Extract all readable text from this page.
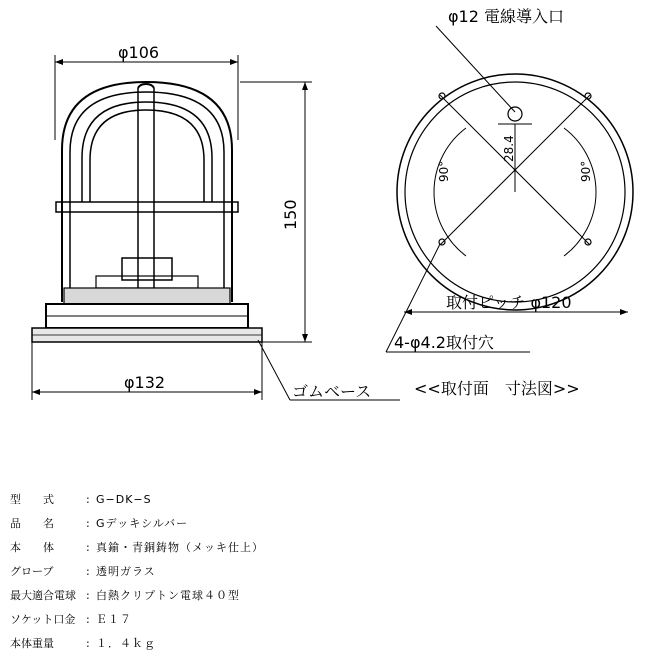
φ106
150
φ132	ゴムベース
φ12 電線導入口
28.4
90°	90°
取付ピッチ φ120
4-φ4.2取付穴
<<取付面　寸法図>>
型　　式	: G−DK−S
品　　名	: Gデッキシルバー
本　　体	: 真鍮・青銅鋳物（メッキ仕上）
グローブ	: 透明ガラス
最大適合電球 : 白熱クリプトン電球４０型
ソケット口金 : Ｅ１７
本体重量	: １．４ｋｇ
